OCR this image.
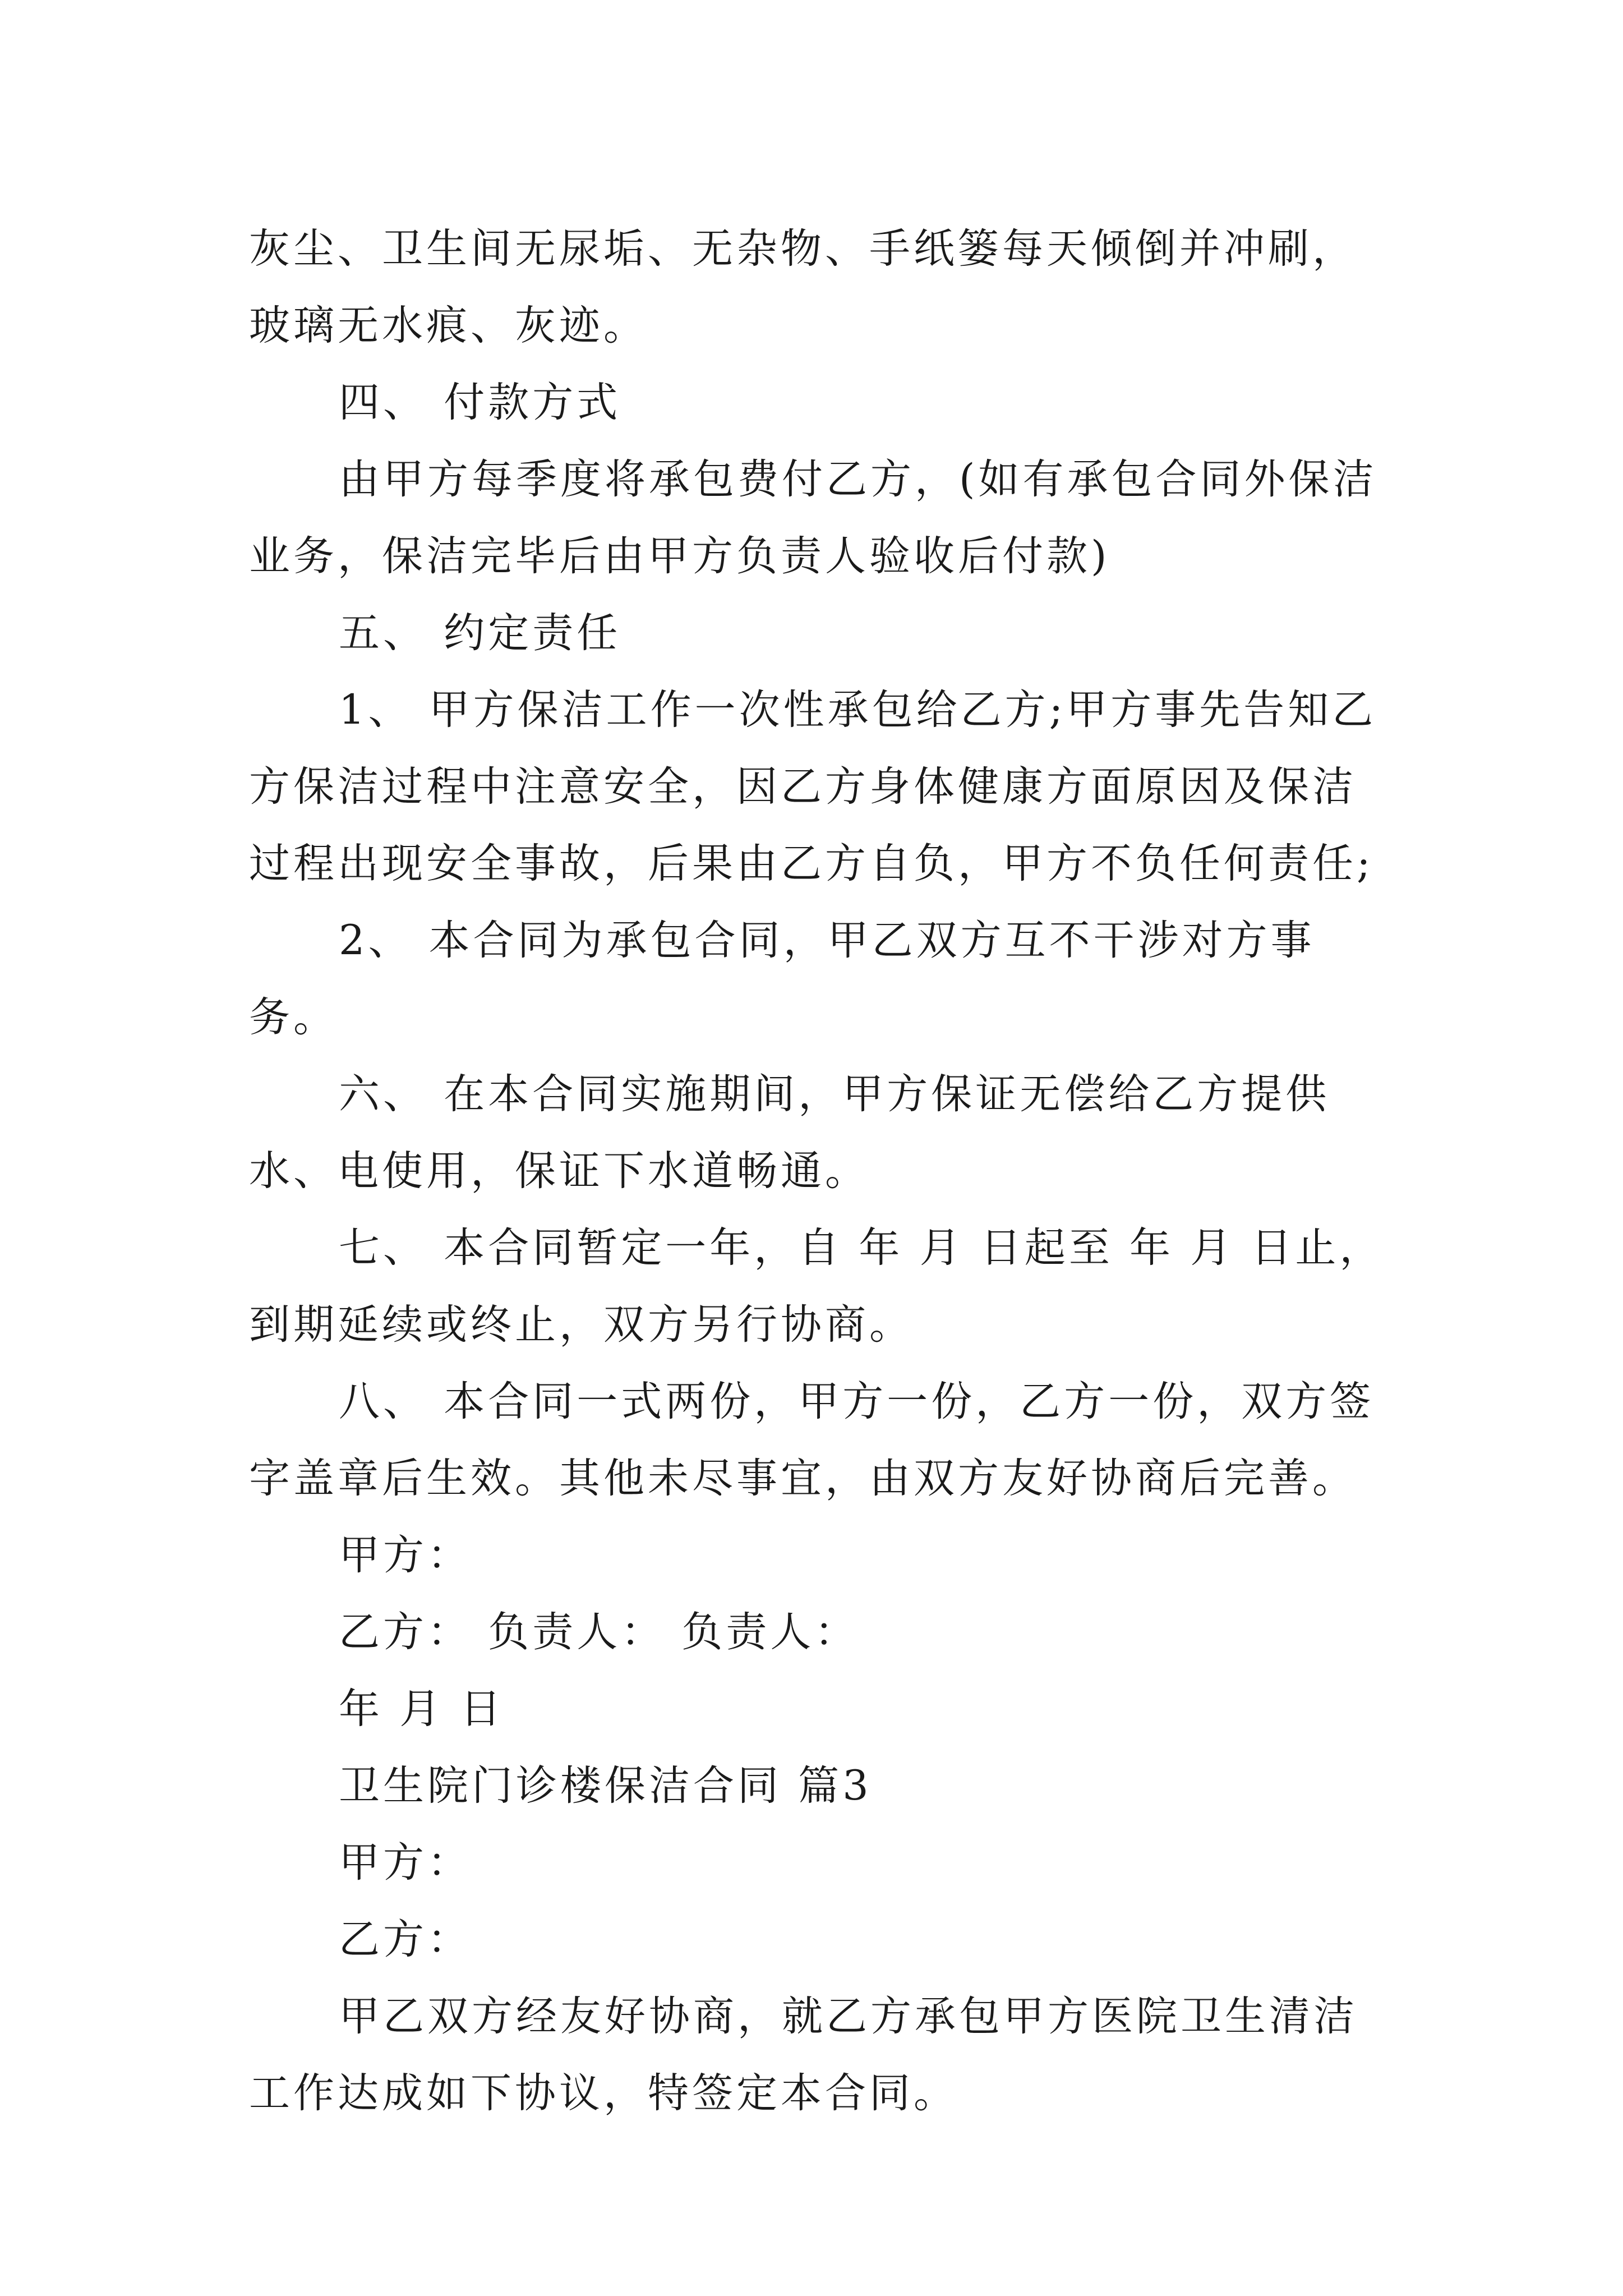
灰尘、卫生间无尿垢、无杂物、手纸篓每天倾倒并冲刷，玻璃无水痕、灰迹。

四、 付款方式

由甲方每季度将承包费付乙方，(如有承包合同外保洁业务，保洁完毕后由甲方负责人验收后付款)

五、 约定责任

1、 甲方保洁工作一次性承包给乙方;甲方事先告知乙方保洁过程中注意安全，因乙方身体健康方面原因及保洁过程出现安全事故，后果由乙方自负，甲方不负任何责任;

2、 本合同为承包合同，甲乙双方互不干涉对方事务。

六、 在本合同实施期间，甲方保证无偿给乙方提供水、电使用，保证下水道畅通。

七、 本合同暂定一年，自 年 月 日起至 年 月 日止，到期延续或终止，双方另行协商。

八、 本合同一式两份，甲方一份，乙方一份，双方签字盖章后生效。其他未尽事宜，由双方友好协商后完善。

甲方：

乙方： 负责人： 负责人：

年 月 日

卫生院门诊楼保洁合同 篇3

甲方：

乙方：

甲乙双方经友好协商，就乙方承包甲方医院卫生清洁工作达成如下协议，特签定本合同。
